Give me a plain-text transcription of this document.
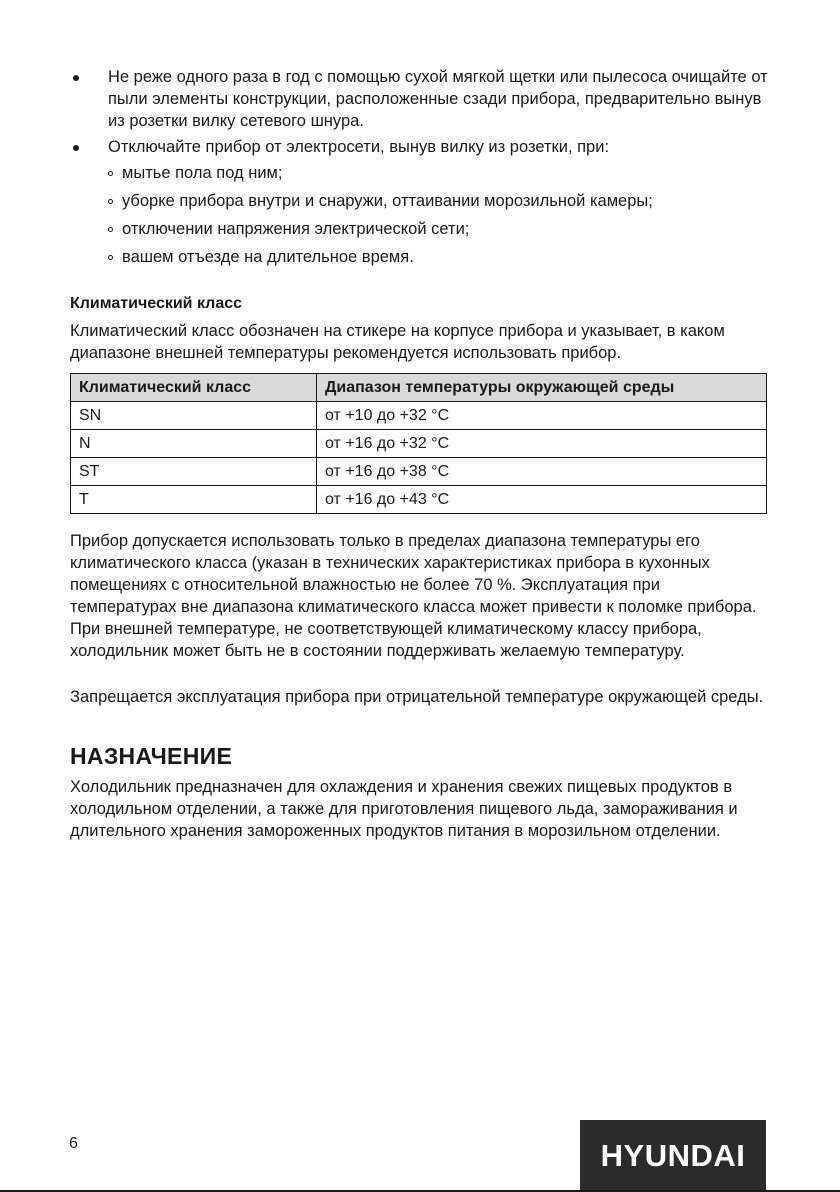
Не реже одного раза в год с помощью сухой мягкой щетки или пылесоса очищайте от пыли элементы конструкции, расположенные сзади прибора, предварительно вынув из розетки вилку сетевого шнура.
Отключайте прибор от электросети, вынув вилку из розетки, при:
мытье пола под ним;
уборке прибора внутри и снаружи, оттаивании морозильной камеры;
отключении напряжения электрической сети;
вашем отъезде на длительное время.
Климатический класс

Климатический класс обозначен на стикере на корпусе прибора и указывает, в каком диапазоне внешней температуры рекомендуется использовать прибор.

Климатический класс	Диапазон температуры окружающей среды
SN	от +10 до +32 °С
N	от +16 до +32 °С
ST	от +16 до +38 °С
T	от +16 до +43 °С

Прибор допускается использовать только в пределах диапазона температуры его климатического класса (указан в технических характеристиках прибора в кухонных помещениях с относительной влажностью не более 70 %. Эксплуатация при температурах вне диапазона климатического класса может привести к поломке прибора.

При внешней температуре, не соответствующей климатическому классу прибора, холодильник может быть не в состоянии поддерживать желаемую температуру.

Запрещается эксплуатация прибора при отрицательной температуре окружающей среды.

НАЗНАЧЕНИЕ

Холодильник предназначен для охлаждения и хранения свежих пищевых продуктов в холодильном отделении, а также для приготовления пищевого льда, замораживания и длительного хранения замороженных продуктов питания в морозильном отделении.

6	HYUNDAI
